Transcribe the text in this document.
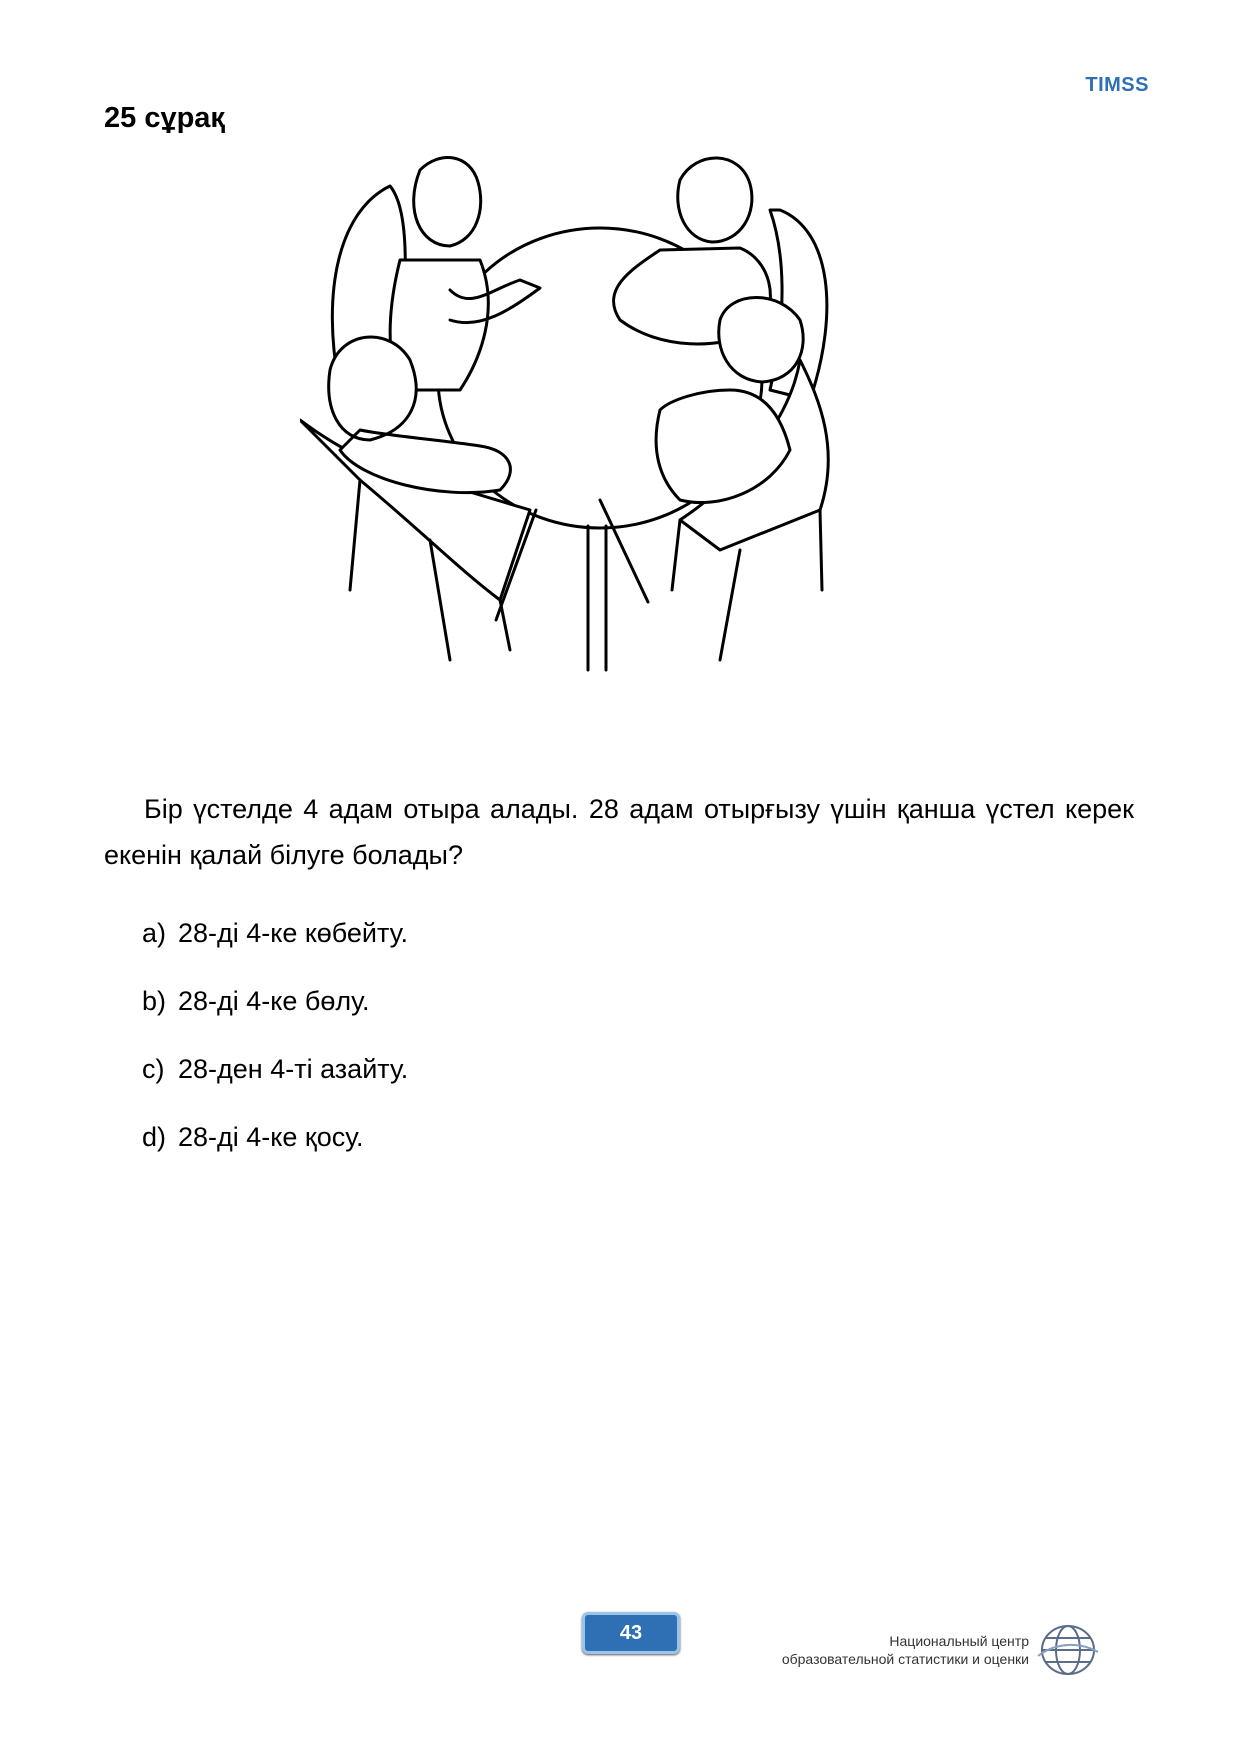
TIMSS
25 сұрақ
Бір үстелде 4 адам отыра алады. 28 адам отырғызу үшін қанша үстел керек екенін қалай білуге болады?
a) 28-ді 4-ке көбейту.
b) 28-ді 4-ке бөлу.
c) 28-ден 4-ті азайту.
d) 28-ді 4-ке қосу.
43	Национальный центр
образовательной статистики и оценки
